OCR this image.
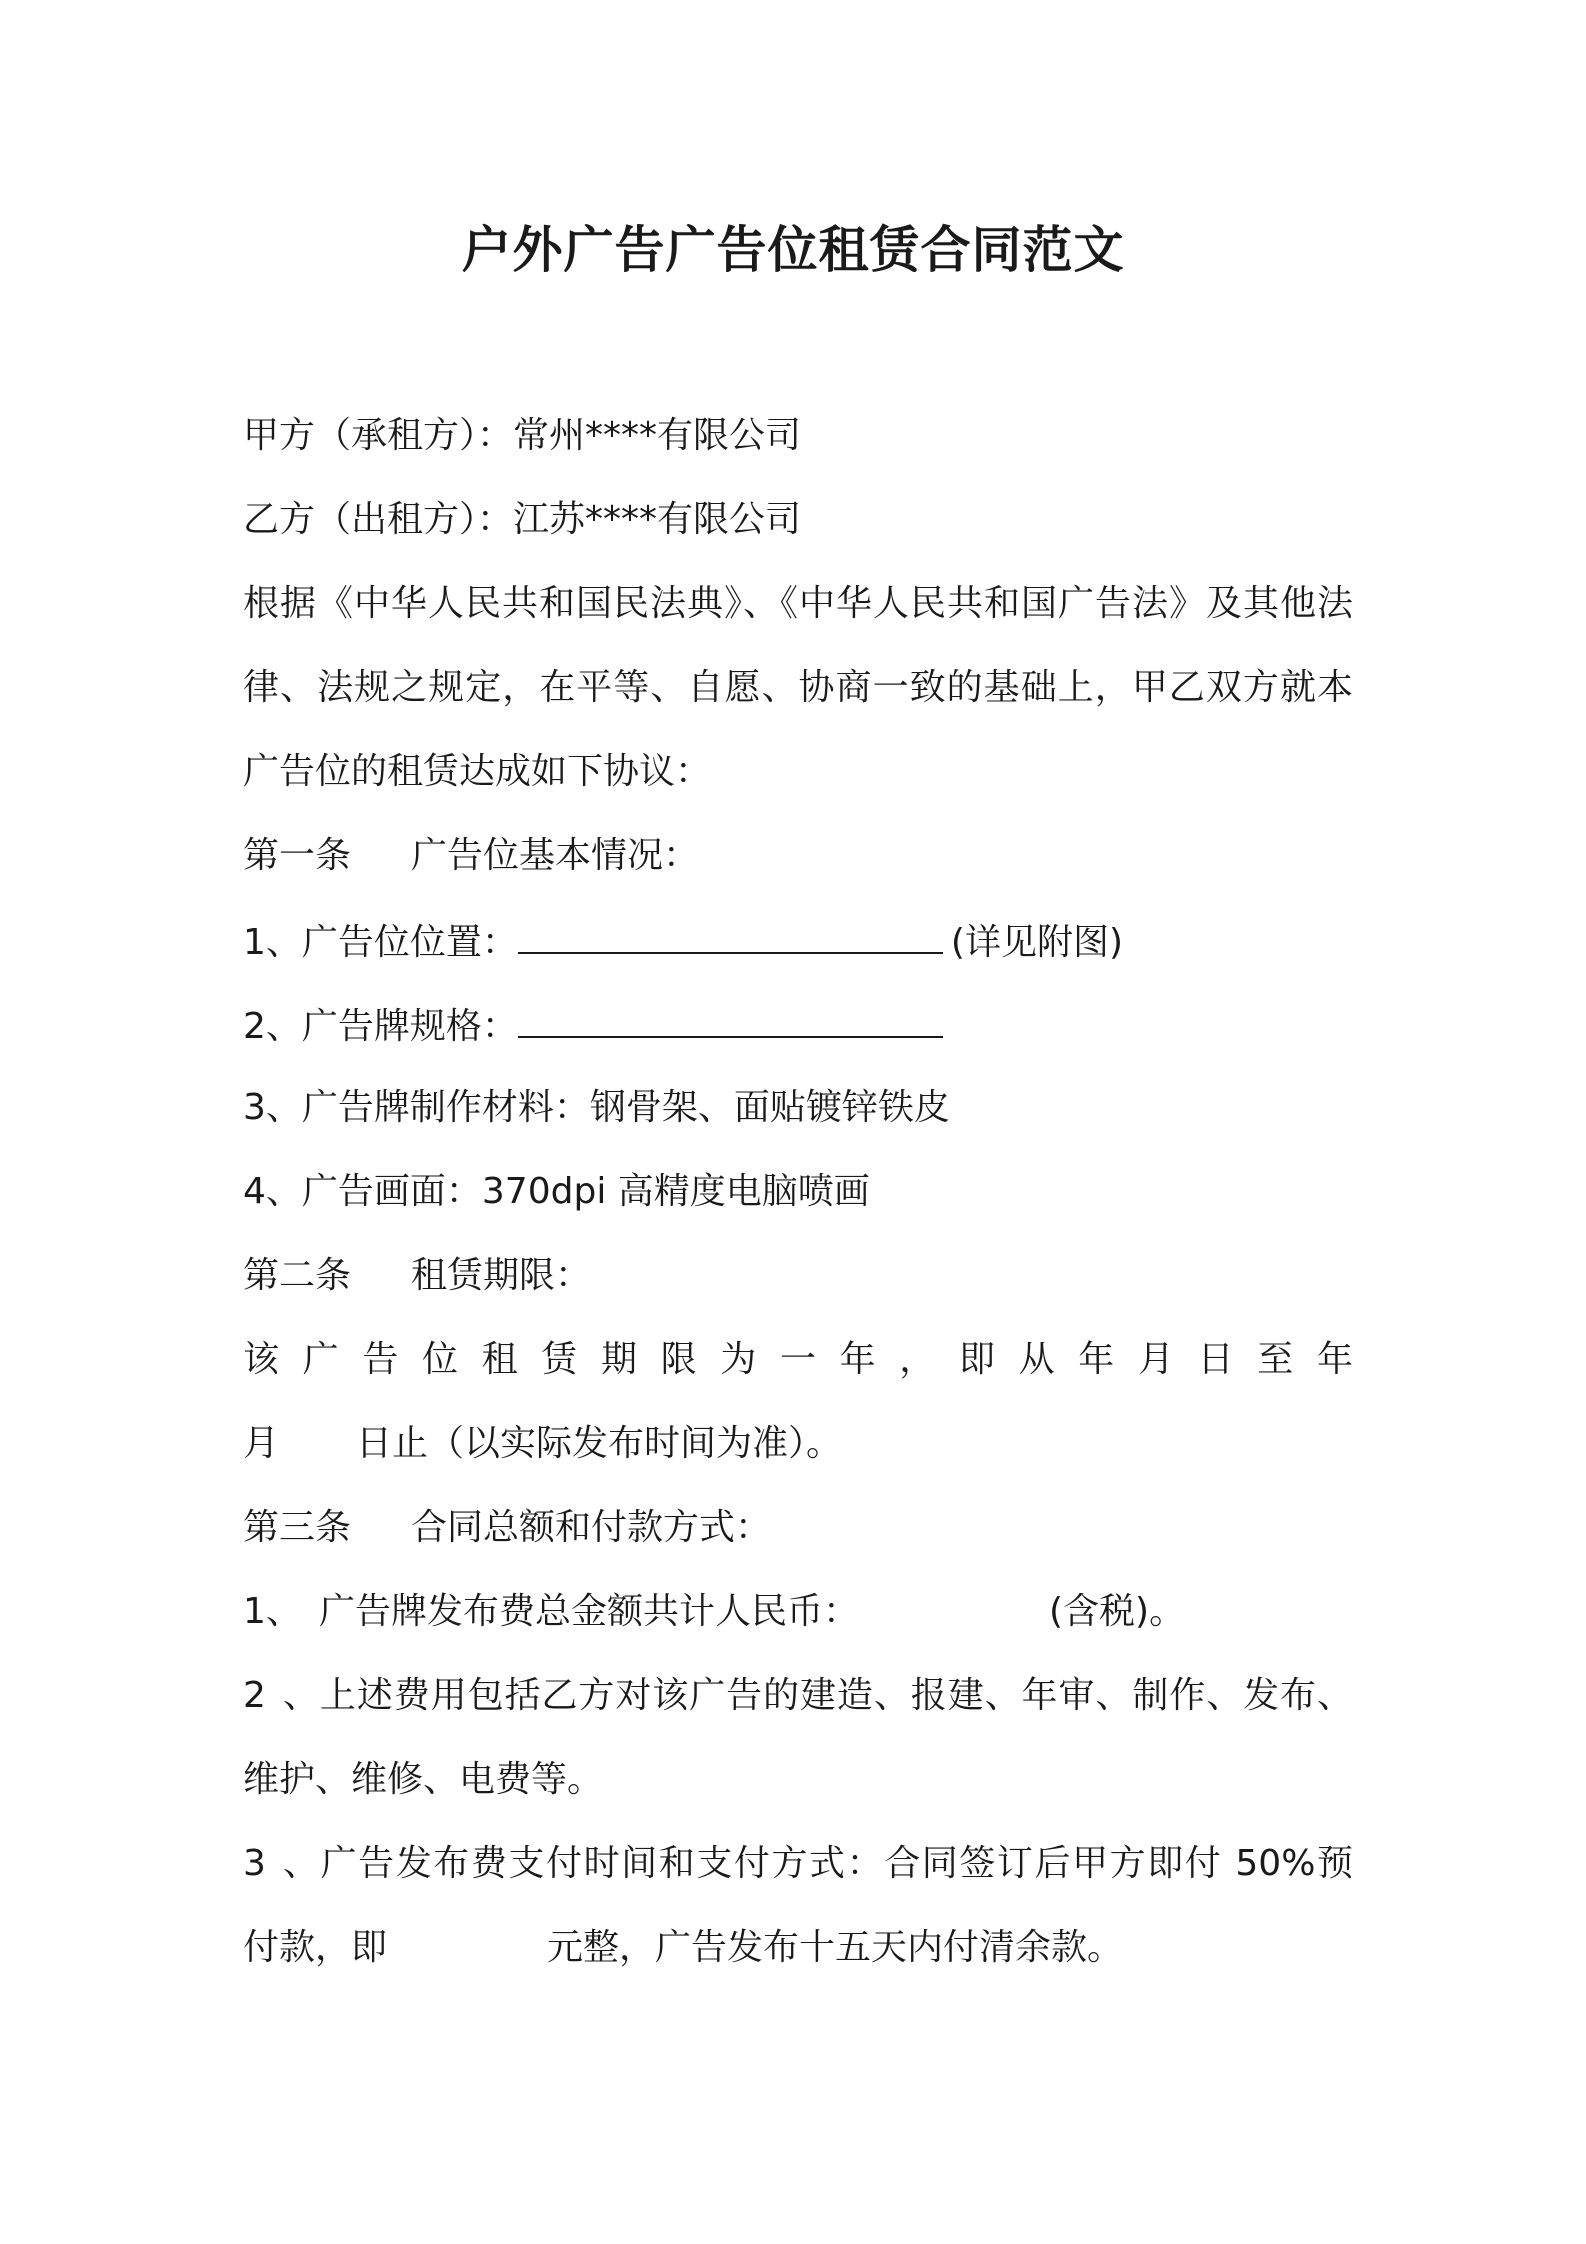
户外广告广告位租赁合同范文

甲方（承租方）：常州****有限公司

乙方（出租方）：江苏****有限公司

根据《中华人民共和国民法典》、《中华人民共和国广告法》及其他法

律、法规之规定，在平等、自愿、协商一致的基础上，甲乙双方就本

广告位的租赁达成如下协议：

第一条 广告位基本情况：

1、广告位位置：	(详见附图)

2、广告牌规格：

3、广告牌制作材料：钢骨架、面贴镀锌铁皮

4、广告画面：370dpi 高精度电脑喷画

第二条 租赁期限：

该广告位租赁期限为一年，即从年月日至年

月 日止（以实际发布时间为准）。

第三条 合同总额和付款方式：

1、 广告牌发布费总金额共计人民币：	(含税)。

2、上述费用包括乙方对该广告的建造、报建、年审、制作、发布、

维护、维修、电费等。

3、广告发布费支付时间和支付方式：合同签订后甲方即付 50%预

付款，即	元整，广告发布十五天内付清余款。
